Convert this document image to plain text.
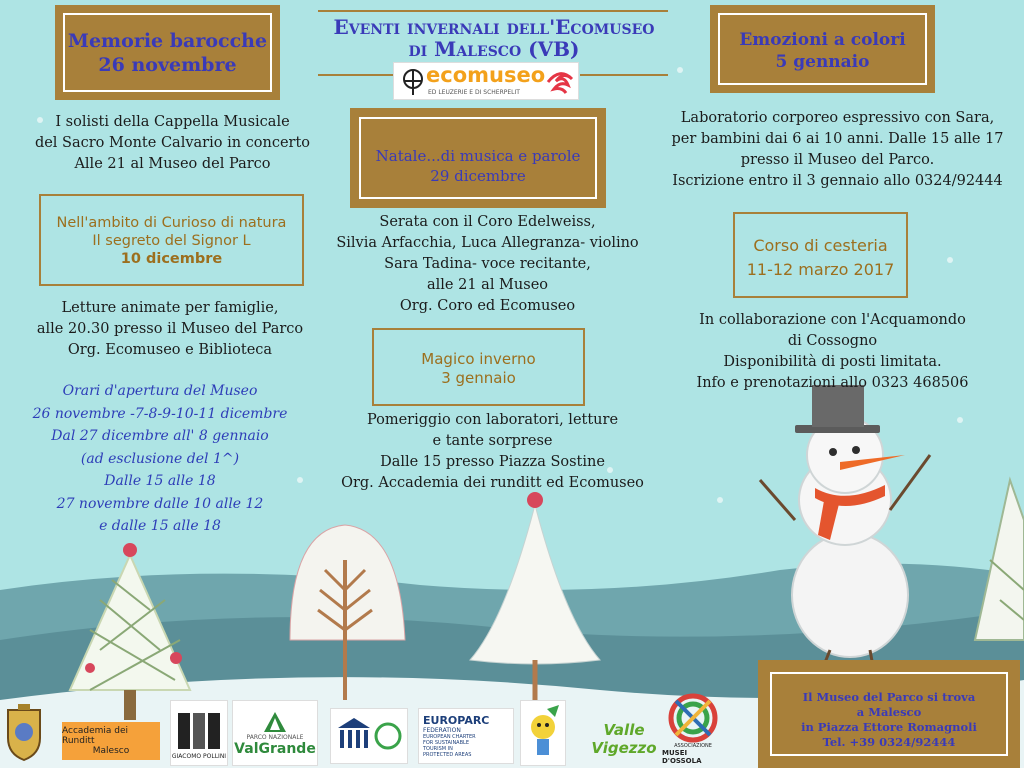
Eventi invernali dell'Ecomuseo
di Malesco (VB)
ecomuseo
ED LEUZERIE E DI SCHERPELIT
Memorie barocche
26 novembre
I solisti della Cappella Musicale
del Sacro Monte Calvario in concerto
Alle 21 al Museo del Parco
Nell'ambito di Curioso di natura
Il segreto del Signor L
10 dicembre
Letture animate per famiglie,
alle 20.30 presso il Museo del Parco
Org. Ecomuseo e Biblioteca
Orari d'apertura del Museo
26 novembre -7-8-9-10-11 dicembre
Dal 27 dicembre all' 8 gennaio
(ad esclusione del 1^)
Dalle 15 alle 18
27 novembre dalle 10 alle 12
e dalle 15 alle 18
Natale...di musica e parole
29 dicembre
Serata con il Coro Edelweiss,
Silvia Arfacchia, Luca Allegranza- violino
Sara Tadina- voce recitante,
alle 21 al Museo
Org. Coro ed Ecomuseo
Magico inverno
3 gennaio
Pomeriggio con laboratori, letture
e tante sorprese
Dalle 15 presso Piazza Sostine
Org. Accademia dei runditt ed Ecomuseo
Emozioni a colori
5 gennaio
Laboratorio corporeo espressivo con Sara,
per bambini dai 6 ai 10 anni. Dalle 15 alle 17
presso il Museo del Parco.
Iscrizione entro il 3 gennaio allo 0324/92444
Corso di cesteria
11-12 marzo 2017
In collaborazione con l'Acquamondo
di Cossogno
Disponibilità di posti limitata.
Info e prenotazioni allo 0323 468506
Il Museo del Parco si trova
a Malesco
in Piazza Ettore Romagnoli
Tel. +39 0324/92444
Accademia dei Runditt
Malesco	GIACOMO POLLINI
PARCO NAZIONALE
ValGrande
EUROPARC
FEDERATION
EUROPEAN CHARTER FOR SUSTAINABLE TOURISM IN PROTECTED AREAS
Valle
Vigezzo	ASSOCIAZIONE
MUSEI D'OSSOLA
